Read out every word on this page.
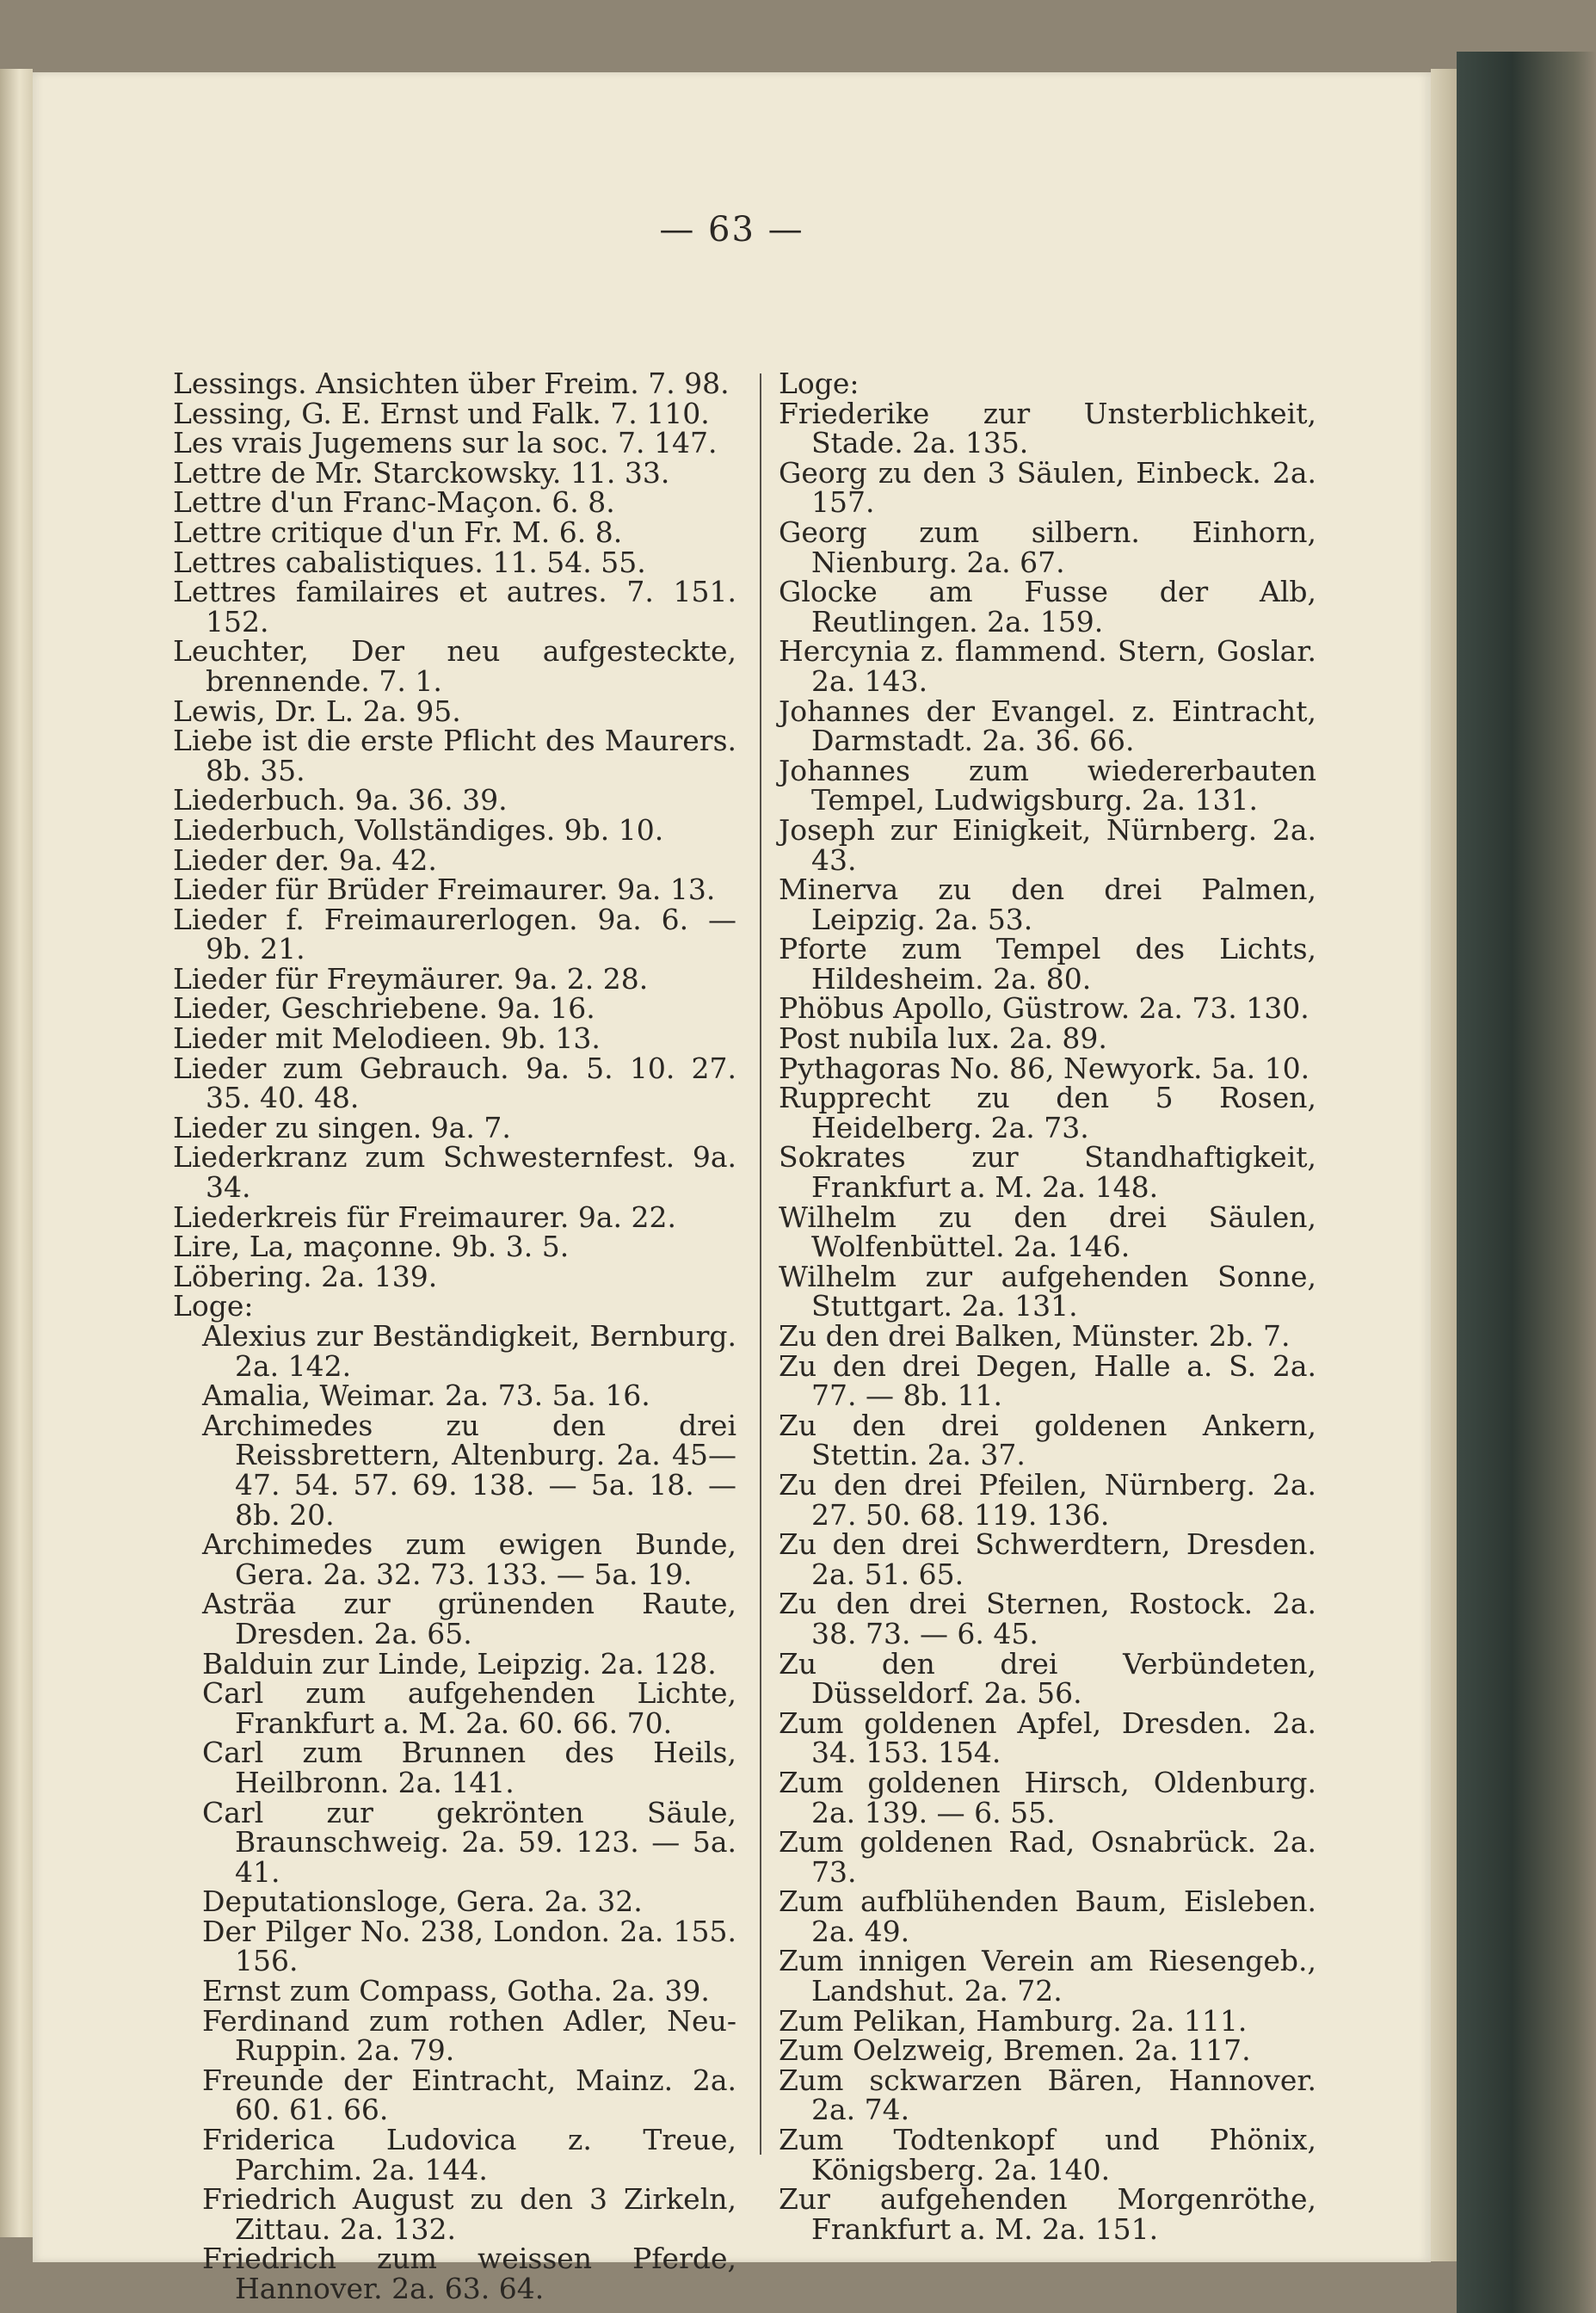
— 63 —

Lessings. Ansichten über Freim. 7. 98.

Lessing, G. E. Ernst und Falk. 7. 110.

Les vrais Jugemens sur la soc. 7. 147.

Lettre de Mr. Starckowsky. 11. 33.

Lettre d'un Franc-Maçon. 6. 8.

Lettre critique d'un Fr. M. 6. 8.

Lettres cabalistiques. 11. 54. 55.

Lettres familaires et autres. 7. 151. 152.

Leuchter, Der neu aufgesteckte, brennende. 7. 1.

Lewis, Dr. L. 2a. 95.

Liebe ist die erste Pflicht des Maurers. 8b. 35.

Liederbuch. 9a. 36. 39.

Liederbuch, Vollständiges. 9b. 10.

Lieder der. 9a. 42.

Lieder für Brüder Freimaurer. 9a. 13.

Lieder f. Freimaurerlogen. 9a. 6. — 9b. 21.

Lieder für Freymäurer. 9a. 2. 28.

Lieder, Geschriebene. 9a. 16.

Lieder mit Melodieen. 9b. 13.

Lieder zum Gebrauch. 9a. 5. 10. 27. 35. 40. 48.

Lieder zu singen. 9a. 7.

Liederkranz zum Schwesternfest. 9a. 34.

Liederkreis für Freimaurer. 9a. 22.

Lire, La, maçonne. 9b. 3. 5.

Löbering. 2a. 139.

Loge:

Alexius zur Beständigkeit, Bernburg. 2a. 142.

Amalia, Weimar. 2a. 73. 5a. 16.

Archimedes zu den drei Reissbrettern, Altenburg. 2a. 45—47. 54. 57. 69. 138. — 5a. 18. — 8b. 20.

Archimedes zum ewigen Bunde, Gera. 2a. 32. 73. 133. — 5a. 19.

Asträa zur grünenden Raute, Dresden. 2a. 65.

Balduin zur Linde, Leipzig. 2a. 128.

Carl zum aufgehenden Lichte, Frankfurt a. M. 2a. 60. 66. 70.

Carl zum Brunnen des Heils, Heilbronn. 2a. 141.

Carl zur gekrönten Säule, Braunschweig. 2a. 59. 123. — 5a. 41.

Deputationsloge, Gera. 2a. 32.

Der Pilger No. 238, London. 2a. 155. 156.

Ernst zum Compass, Gotha. 2a. 39.

Ferdinand zum rothen Adler, Neu-Ruppin. 2a. 79.

Freunde der Eintracht, Mainz. 2a. 60. 61. 66.

Friderica Ludovica z. Treue, Parchim. 2a. 144.

Friedrich August zu den 3 Zirkeln, Zittau. 2a. 132.

Friedrich zum weissen Pferde, Hannover. 2a. 63. 64.

Loge:

Friederike zur Unsterblichkeit, Stade. 2a. 135.

Georg zu den 3 Säulen, Einbeck. 2a. 157.

Georg zum silbern. Einhorn, Nienburg. 2a. 67.

Glocke am Fusse der Alb, Reutlingen. 2a. 159.

Hercynia z. flammend. Stern, Goslar. 2a. 143.

Johannes der Evangel. z. Eintracht, Darmstadt. 2a. 36. 66.

Johannes zum wiedererbauten Tempel, Ludwigsburg. 2a. 131.

Joseph zur Einigkeit, Nürnberg. 2a. 43.

Minerva zu den drei Palmen, Leipzig. 2a. 53.

Pforte zum Tempel des Lichts, Hildesheim. 2a. 80.

Phöbus Apollo, Güstrow. 2a. 73. 130.

Post nubila lux. 2a. 89.

Pythagoras No. 86, Newyork. 5a. 10.

Rupprecht zu den 5 Rosen, Heidelberg. 2a. 73.

Sokrates zur Standhaftigkeit, Frankfurt a. M. 2a. 148.

Wilhelm zu den drei Säulen, Wolfenbüttel. 2a. 146.

Wilhelm zur aufgehenden Sonne, Stuttgart. 2a. 131.

Zu den drei Balken, Münster. 2b. 7.

Zu den drei Degen, Halle a. S. 2a. 77. — 8b. 11.

Zu den drei goldenen Ankern, Stettin. 2a. 37.

Zu den drei Pfeilen, Nürnberg. 2a. 27. 50. 68. 119. 136.

Zu den drei Schwerdtern, Dresden. 2a. 51. 65.

Zu den drei Sternen, Rostock. 2a. 38. 73. — 6. 45.

Zu den drei Verbündeten, Düsseldorf. 2a. 56.

Zum goldenen Apfel, Dresden. 2a. 34. 153. 154.

Zum goldenen Hirsch, Oldenburg. 2a. 139. — 6. 55.

Zum goldenen Rad, Osnabrück. 2a. 73.

Zum aufblühenden Baum, Eisleben. 2a. 49.

Zum innigen Verein am Riesengeb., Landshut. 2a. 72.

Zum Pelikan, Hamburg. 2a. 111.

Zum Oelzweig, Bremen. 2a. 117.

Zum sckwarzen Bären, Hannover. 2a. 74.

Zum Todtenkopf und Phönix, Königsberg. 2a. 140.

Zur aufgehenden Morgenröthe, Frankfurt a. M. 2a. 151.
